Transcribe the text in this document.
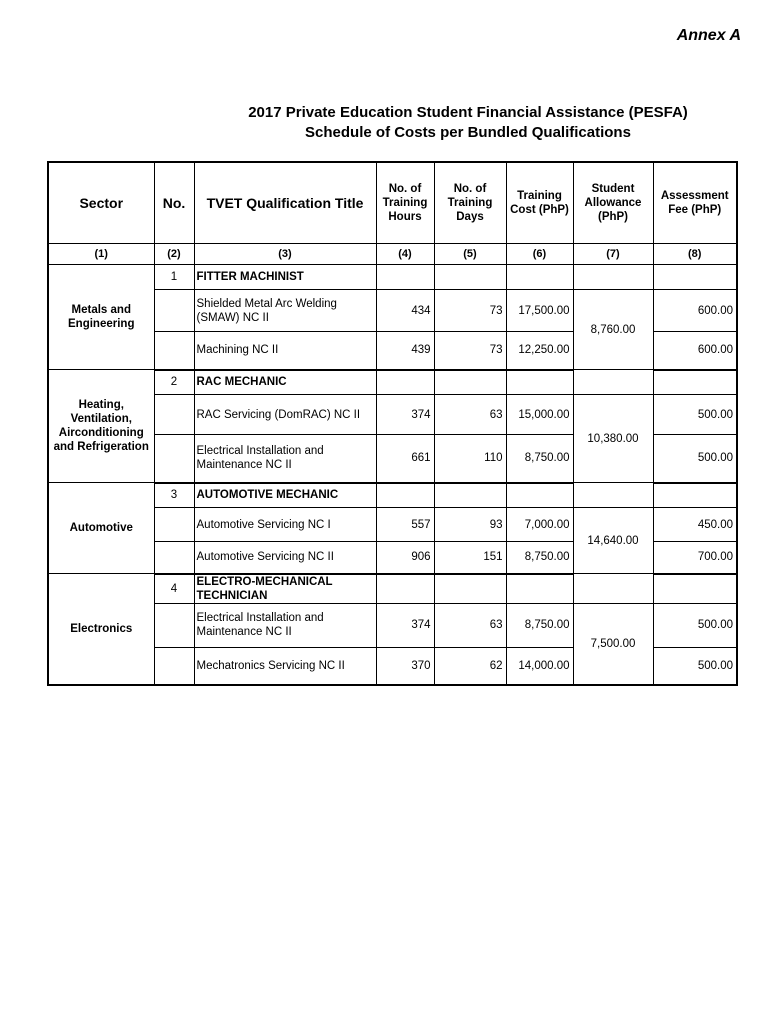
Annex A
2017 Private Education Student Financial Assistance (PESFA)
Schedule of Costs per Bundled Qualifications
Sector	No.	TVET Qualification Title	No. of Training Hours	No. of Training Days	Training Cost (PhP)	Student Allowance (PhP)	Assessment Fee (PhP)
(1)	(2)	(3)	(4)	(5)	(6)	(7)	(8)
Metals and Engineering	1	FITTER MACHINIST					
		Shielded Metal Arc Welding (SMAW) NC II	434	73	17,500.00	8,760.00	600.00
		Machining NC II	439	73	12,250.00		600.00
Heating, Ventilation, Airconditioning and Refrigeration	2	RAC MECHANIC					
		RAC Servicing (DomRAC) NC II	374	63	15,000.00	10,380.00	500.00
		Electrical Installation and Maintenance NC II	661	110	8,750.00		500.00
Automotive	3	AUTOMOTIVE MECHANIC					
		Automotive Servicing NC I	557	93	7,000.00	14,640.00	450.00
		Automotive Servicing NC II	906	151	8,750.00		700.00
Electronics	4	ELECTRO-MECHANICAL TECHNICIAN					
		Electrical Installation and Maintenance NC II	374	63	8,750.00	7,500.00	500.00
		Mechatronics Servicing NC II	370	62	14,000.00		500.00
